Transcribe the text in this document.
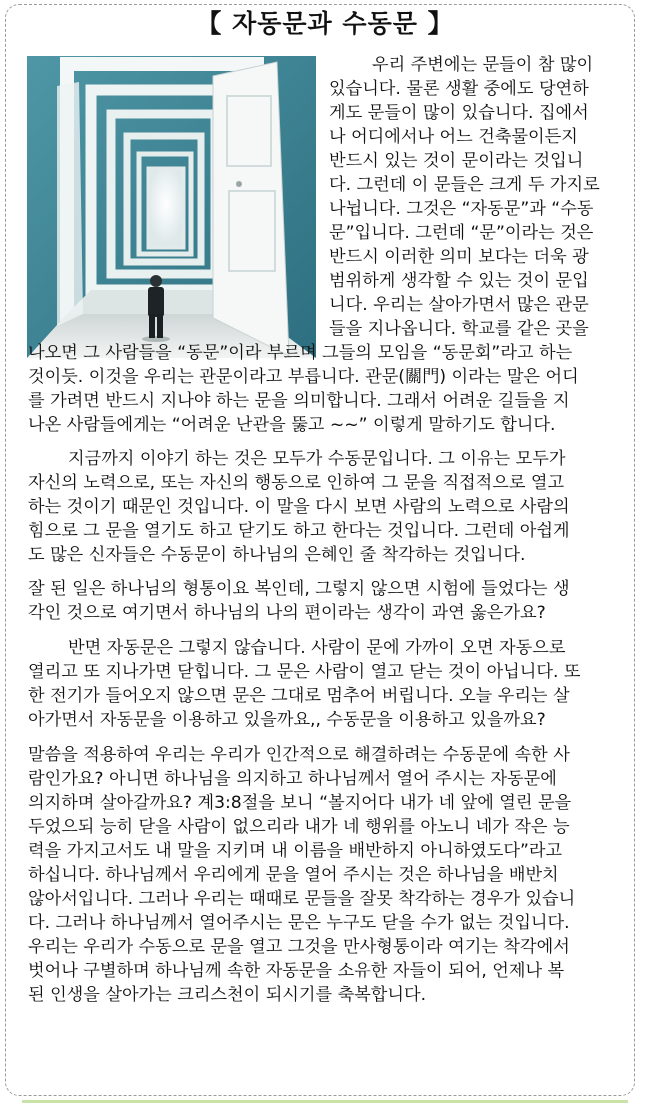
【 자동문과 수동문 】

우리 주변에는 문들이 참 많이

있습니다. 물론 생활 중에도 당연하

게도 문들이 많이 있습니다. 집에서

나 어디에서나 어느 건축물이든지

반드시 있는 것이 문이라는 것입니

다. 그런데 이 문들은 크게 두 가지로

나뉩니다. 그것은 “자동문”과 “수동

문”입니다. 그런데 “문”이라는 것은

반드시 이러한 의미 보다는 더욱 광

범위하게 생각할 수 있는 것이 문입

니다. 우리는 살아가면서 많은 관문

들을 지나옵니다. 학교를 같은 곳을

나오면 그 사람들을 “동문”이라 부르며 그들의 모임을 “동문회”라고 하는

것이듯. 이것을 우리는 관문이라고 부릅니다. 관문(關門) 이라는 말은 어디

를 가려면 반드시 지나야 하는 문을 의미합니다. 그래서 어려운 길들을 지

나온 사람들에게는 “어려운 난관을 뚫고 ~~” 이렇게 말하기도 합니다.

지금까지 이야기 하는 것은 모두가 수동문입니다. 그 이유는 모두가

자신의 노력으로, 또는 자신의 행동으로 인하여 그 문을 직접적으로 열고

하는 것이기 때문인 것입니다. 이 말을 다시 보면 사람의 노력으로 사람의

힘으로 그 문을 열기도 하고 닫기도 하고 한다는 것입니다. 그런데 아쉽게

도 많은 신자들은 수동문이 하나님의 은혜인 줄 착각하는 것입니다.

잘 된 일은 하나님의 형통이요 복인데, 그렇지 않으면 시험에 들었다는 생

각인 것으로 여기면서 하나님의 나의 편이라는 생각이 과연 옳은가요?

반면 자동문은 그렇지 않습니다. 사람이 문에 가까이 오면 자동으로

열리고 또 지나가면 닫힙니다. 그 문은 사람이 열고 닫는 것이 아닙니다. 또

한 전기가 들어오지 않으면 문은 그대로 멈추어 버립니다. 오늘 우리는 살

아가면서 자동문을 이용하고 있을까요,, 수동문을 이용하고 있을까요?

말씀을 적용하여 우리는 우리가 인간적으로 해결하려는 수동문에 속한 사

람인가요? 아니면 하나님을 의지하고 하나님께서 열어 주시는 자동문에

의지하며 살아갈까요? 계3:8절을 보니 “볼지어다 내가 네 앞에 열린 문을

두었으되 능히 닫을 사람이 없으리라 내가 네 행위를 아노니 네가 작은 능

력을 가지고서도 내 말을 지키며 내 이름을 배반하지 아니하였도다”라고

하십니다. 하나님께서 우리에게 문을 열어 주시는 것은 하나님을 배반치

않아서입니다. 그러나 우리는 때때로 문들을 잘못 착각하는 경우가 있습니

다. 그러나 하나님께서 열어주시는 문은 누구도 닫을 수가 없는 것입니다.

우리는 우리가 수동으로 문을 열고 그것을 만사형통이라 여기는 착각에서

벗어나 구별하며 하나님께 속한 자동문을 소유한 자들이 되어, 언제나 복

된 인생을 살아가는 크리스천이 되시기를 축복합니다.
